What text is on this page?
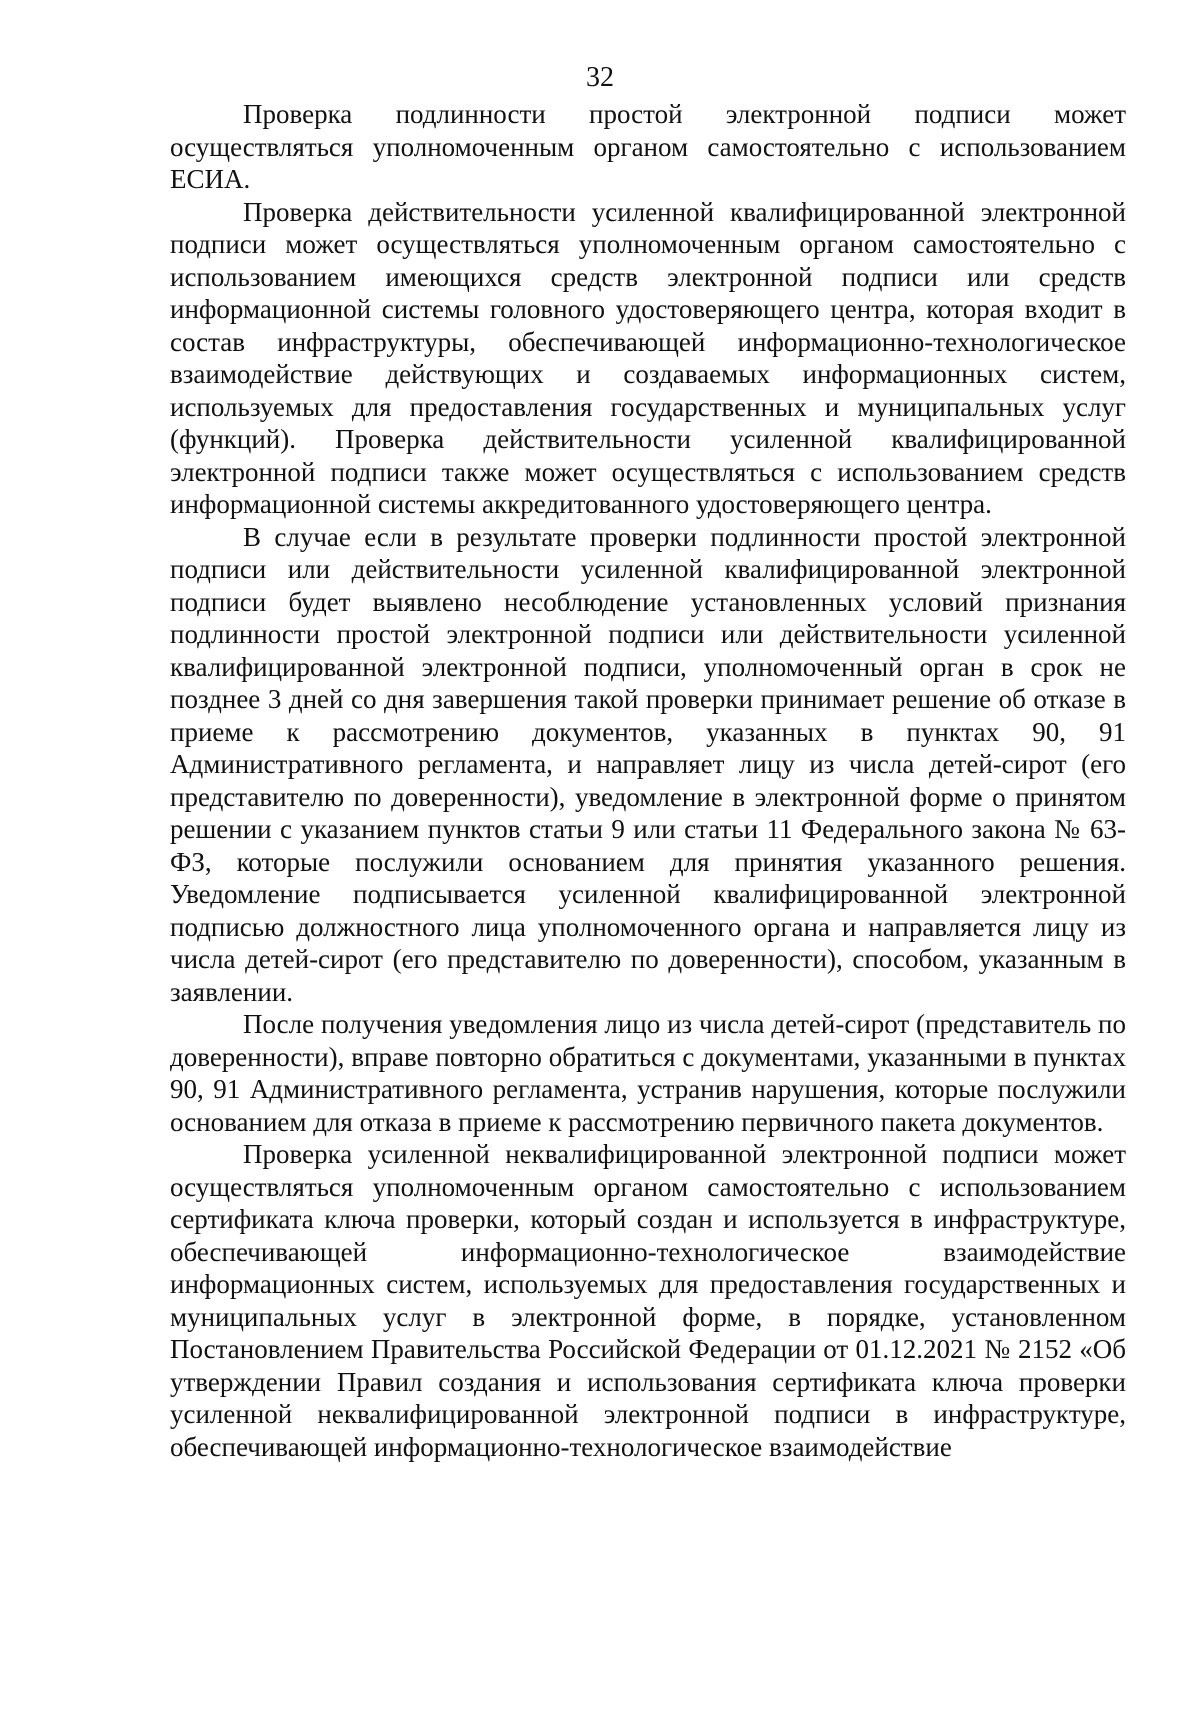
32

Проверка подлинности простой электронной подписи может осуществляться уполномоченным органом самостоятельно с использованием ЕСИА.

Проверка действительности усиленной квалифицированной электронной подписи может осуществляться уполномоченным органом самостоятельно с использованием имеющихся средств электронной подписи или средств информационной системы головного удостоверяющего центра, которая входит в состав инфраструктуры, обеспечивающей информационно-технологическое взаимодействие действующих и создаваемых информационных систем, используемых для предоставления государственных и муниципальных услуг (функций). Проверка действительности усиленной квалифицированной электронной подписи также может осуществляться с использованием средств информационной системы аккредитованного удостоверяющего центра.

В случае если в результате проверки подлинности простой электронной подписи или действительности усиленной квалифицированной электронной подписи будет выявлено несоблюдение установленных условий признания подлинности простой электронной подписи или действительности усиленной квалифицированной электронной подписи, уполномоченный орган в срок не позднее 3 дней со дня завершения такой проверки принимает решение об отказе в приеме к рассмотрению документов, указанных в пунктах 90, 91 Административного регламента, и направляет лицу из числа детей-сирот (его представителю по доверенности), уведомление в электронной форме о принятом решении с указанием пунктов статьи 9 или статьи 11 Федерального закона № 63-ФЗ, которые послужили основанием для принятия указанного решения. Уведомление подписывается усиленной квалифицированной электронной подписью должностного лица уполномоченного органа и направляется лицу из числа детей-сирот (его представителю по доверенности), способом, указанным в заявлении.

После получения уведомления лицо из числа детей-сирот (представитель по доверенности), вправе повторно обратиться с документами, указанными в пунктах 90, 91 Административного регламента, устранив нарушения, которые послужили основанием для отказа в приеме к рассмотрению первичного пакета документов.

Проверка усиленной неквалифицированной электронной подписи может осуществляться уполномоченным органом самостоятельно с использованием сертификата ключа проверки, который создан и используется в инфраструктуре, обеспечивающей информационно-технологическое взаимодействие информационных систем, используемых для предоставления государственных и муниципальных услуг в электронной форме, в порядке, установленном Постановлением Правительства Российской Федерации от 01.12.2021 № 2152 «Об утверждении Правил создания и использования сертификата ключа проверки усиленной неквалифицированной электронной подписи в инфраструктуре, обеспечивающей информационно-технологическое взаимодействие
